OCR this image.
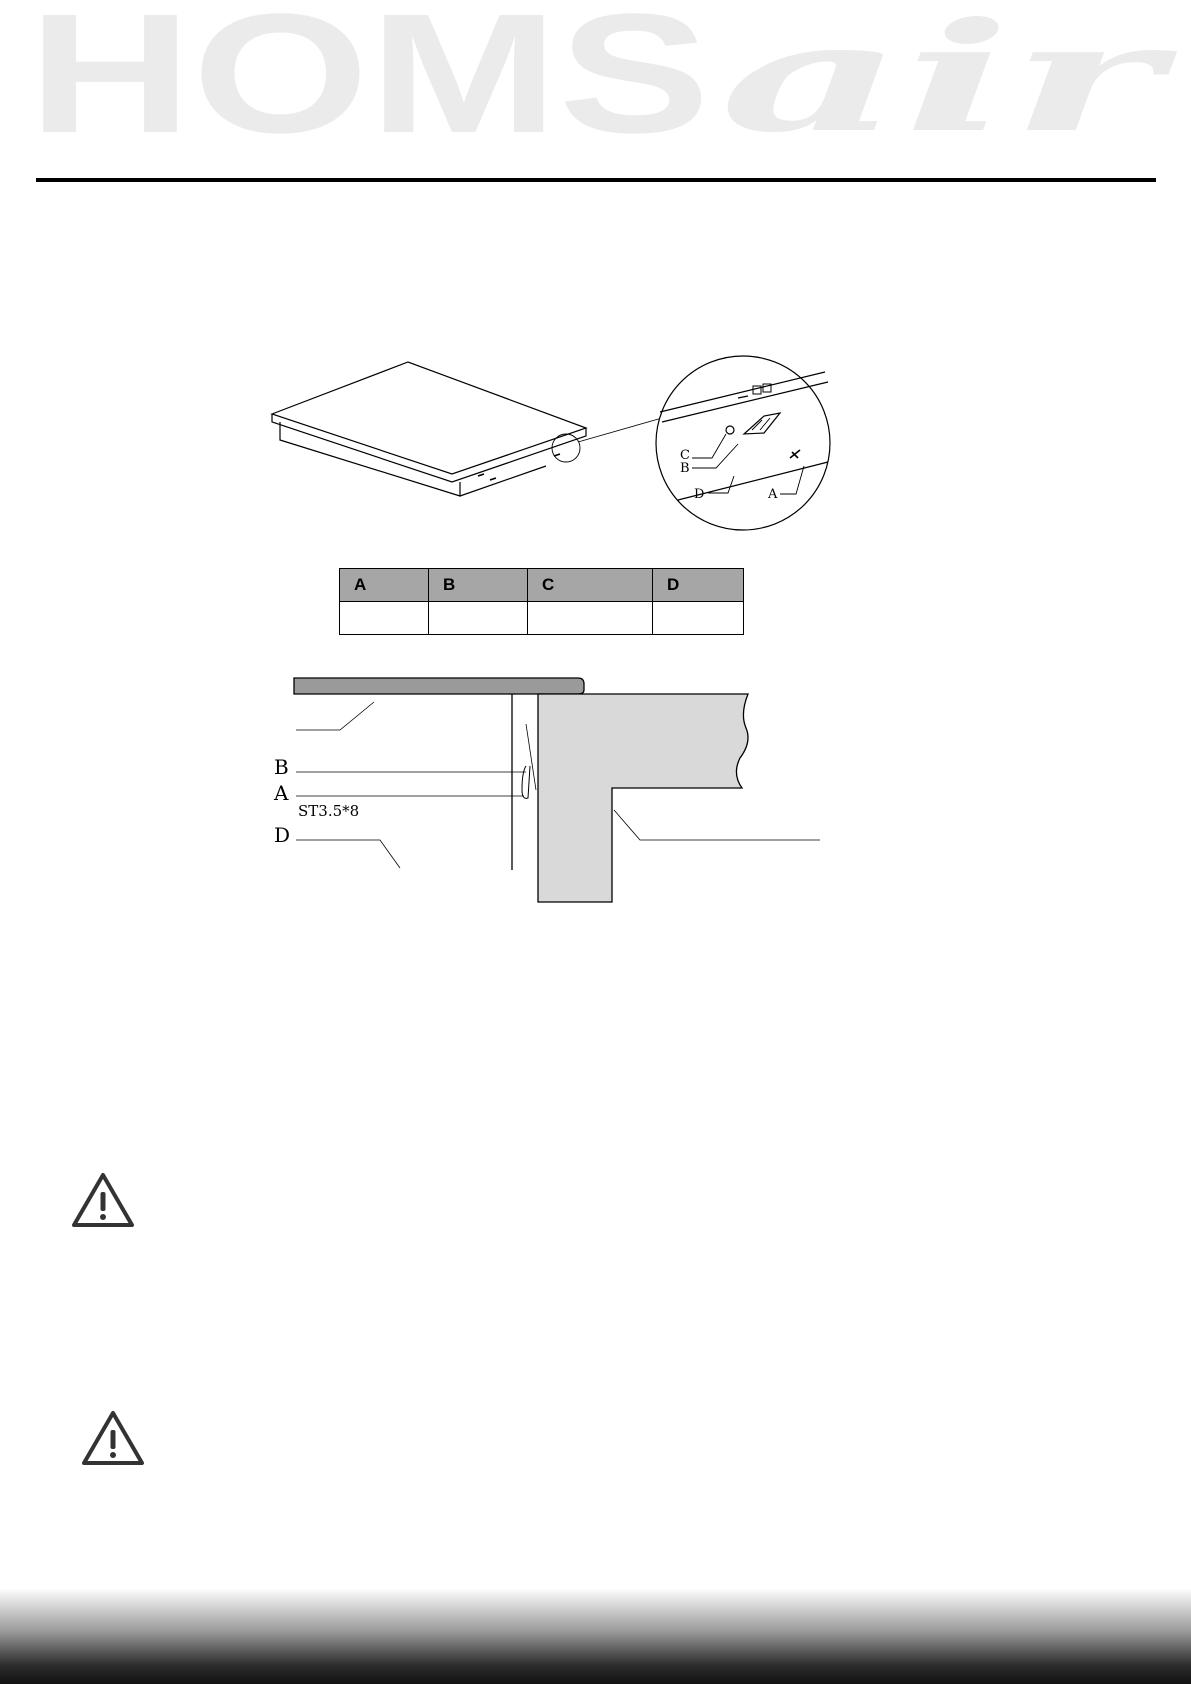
HOMS air
C
B
D	A
A	B	C	D

B
A
ST3.5*8
D
